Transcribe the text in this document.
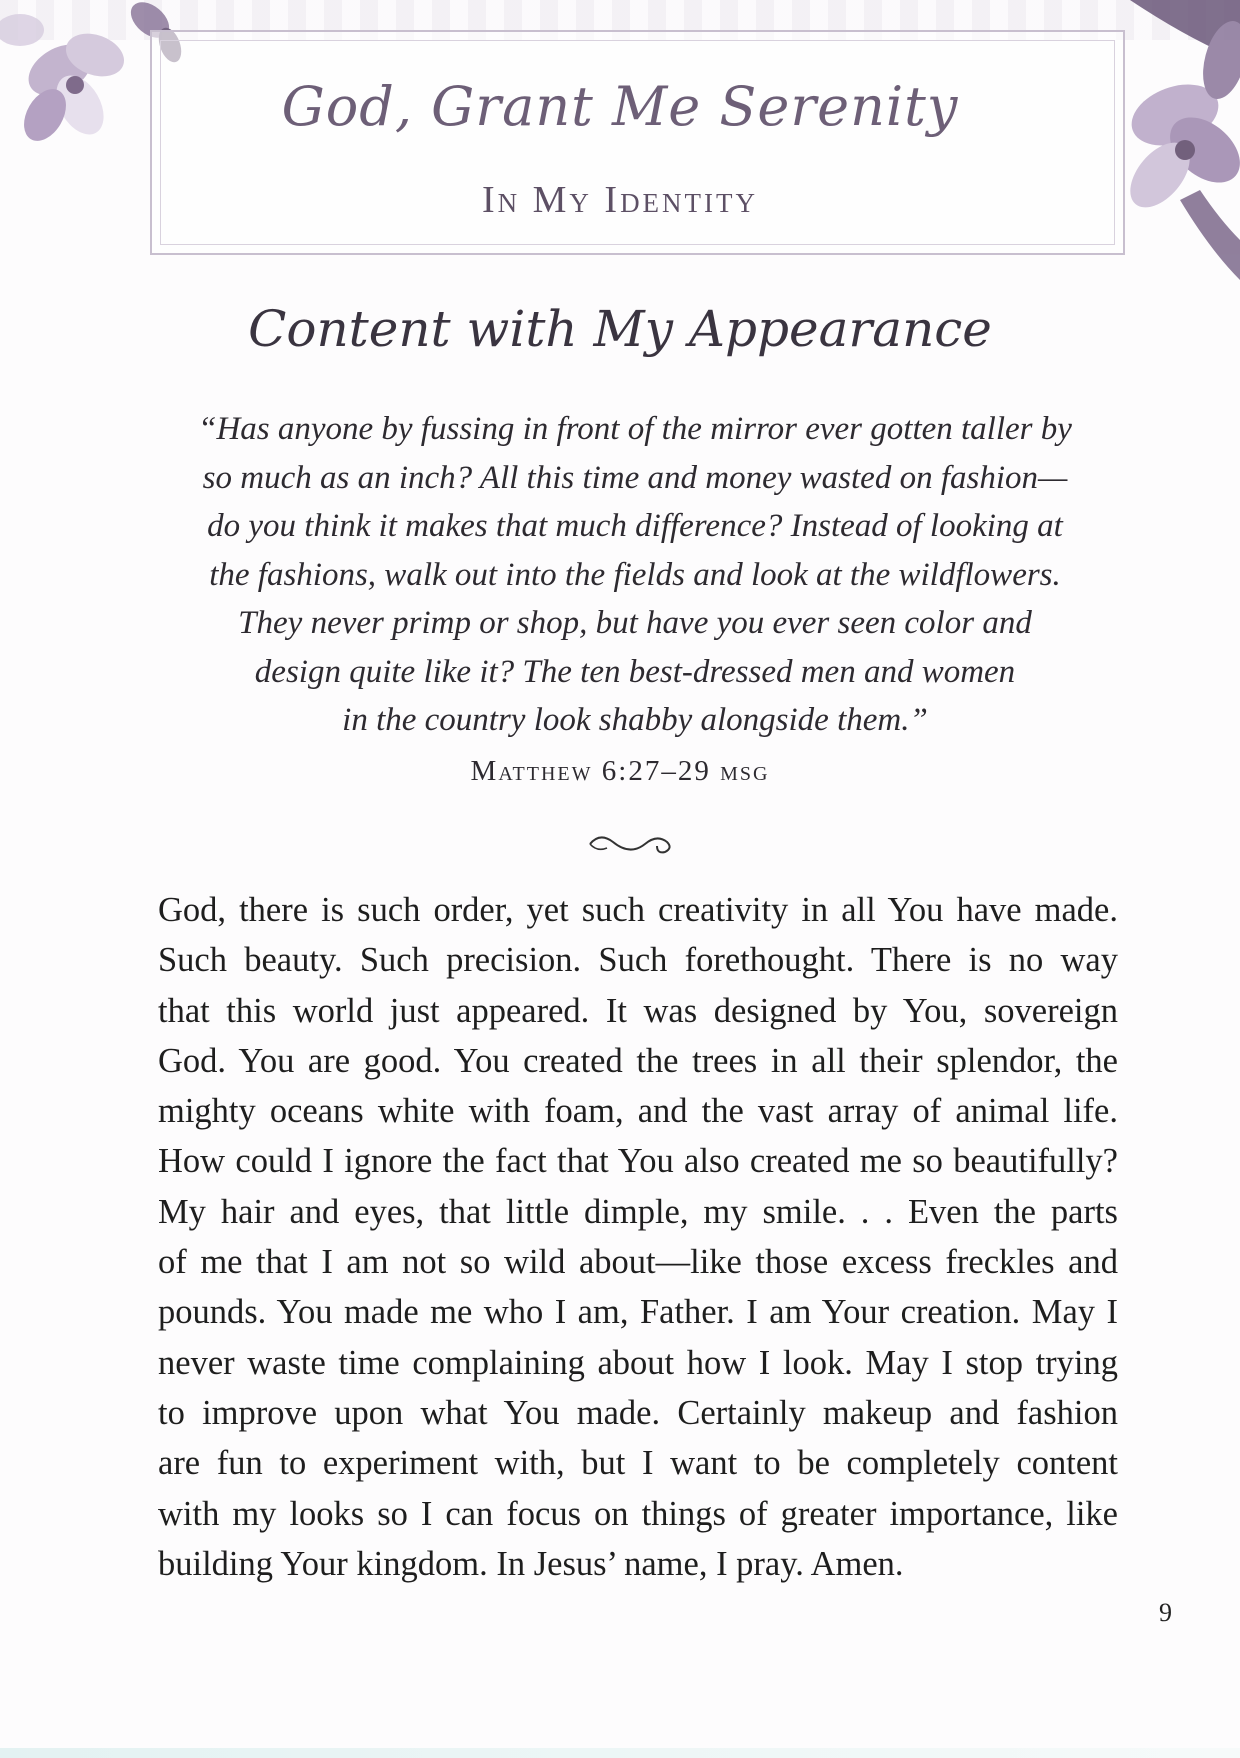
God, Grant Me Serenity
In My Identity
Content with My Appearance
“Has anyone by fussing in front of the mirror ever gotten taller by
so much as an inch? All this time and money wasted on fashion—
do you think it makes that much difference? Instead of looking at
the fashions, walk out into the fields and look at the wildflowers.
They never primp or shop, but have you ever seen color and
design quite like it? The ten best-dressed men and women
in the country look shabby alongside them.”
Matthew 6:27–29 msg
God, there is such order, yet such creativity in all You have made.
Such beauty. Such precision. Such forethought. There is no way
that this world just appeared. It was designed by You, sovereign
God. You are good. You created the trees in all their splendor, the
mighty oceans white with foam, and the vast array of animal life.
How could I ignore the fact that You also created me so beautifully?
My hair and eyes, that little dimple, my smile. . . Even the parts
of me that I am not so wild about—like those excess freckles and
pounds. You made me who I am, Father. I am Your creation. May I
never waste time complaining about how I look. May I stop trying
to improve upon what You made. Certainly makeup and fashion
are fun to experiment with, but I want to be completely content
with my looks so I can focus on things of greater importance, like
building Your kingdom. In Jesus’ name, I pray. Amen.
9
